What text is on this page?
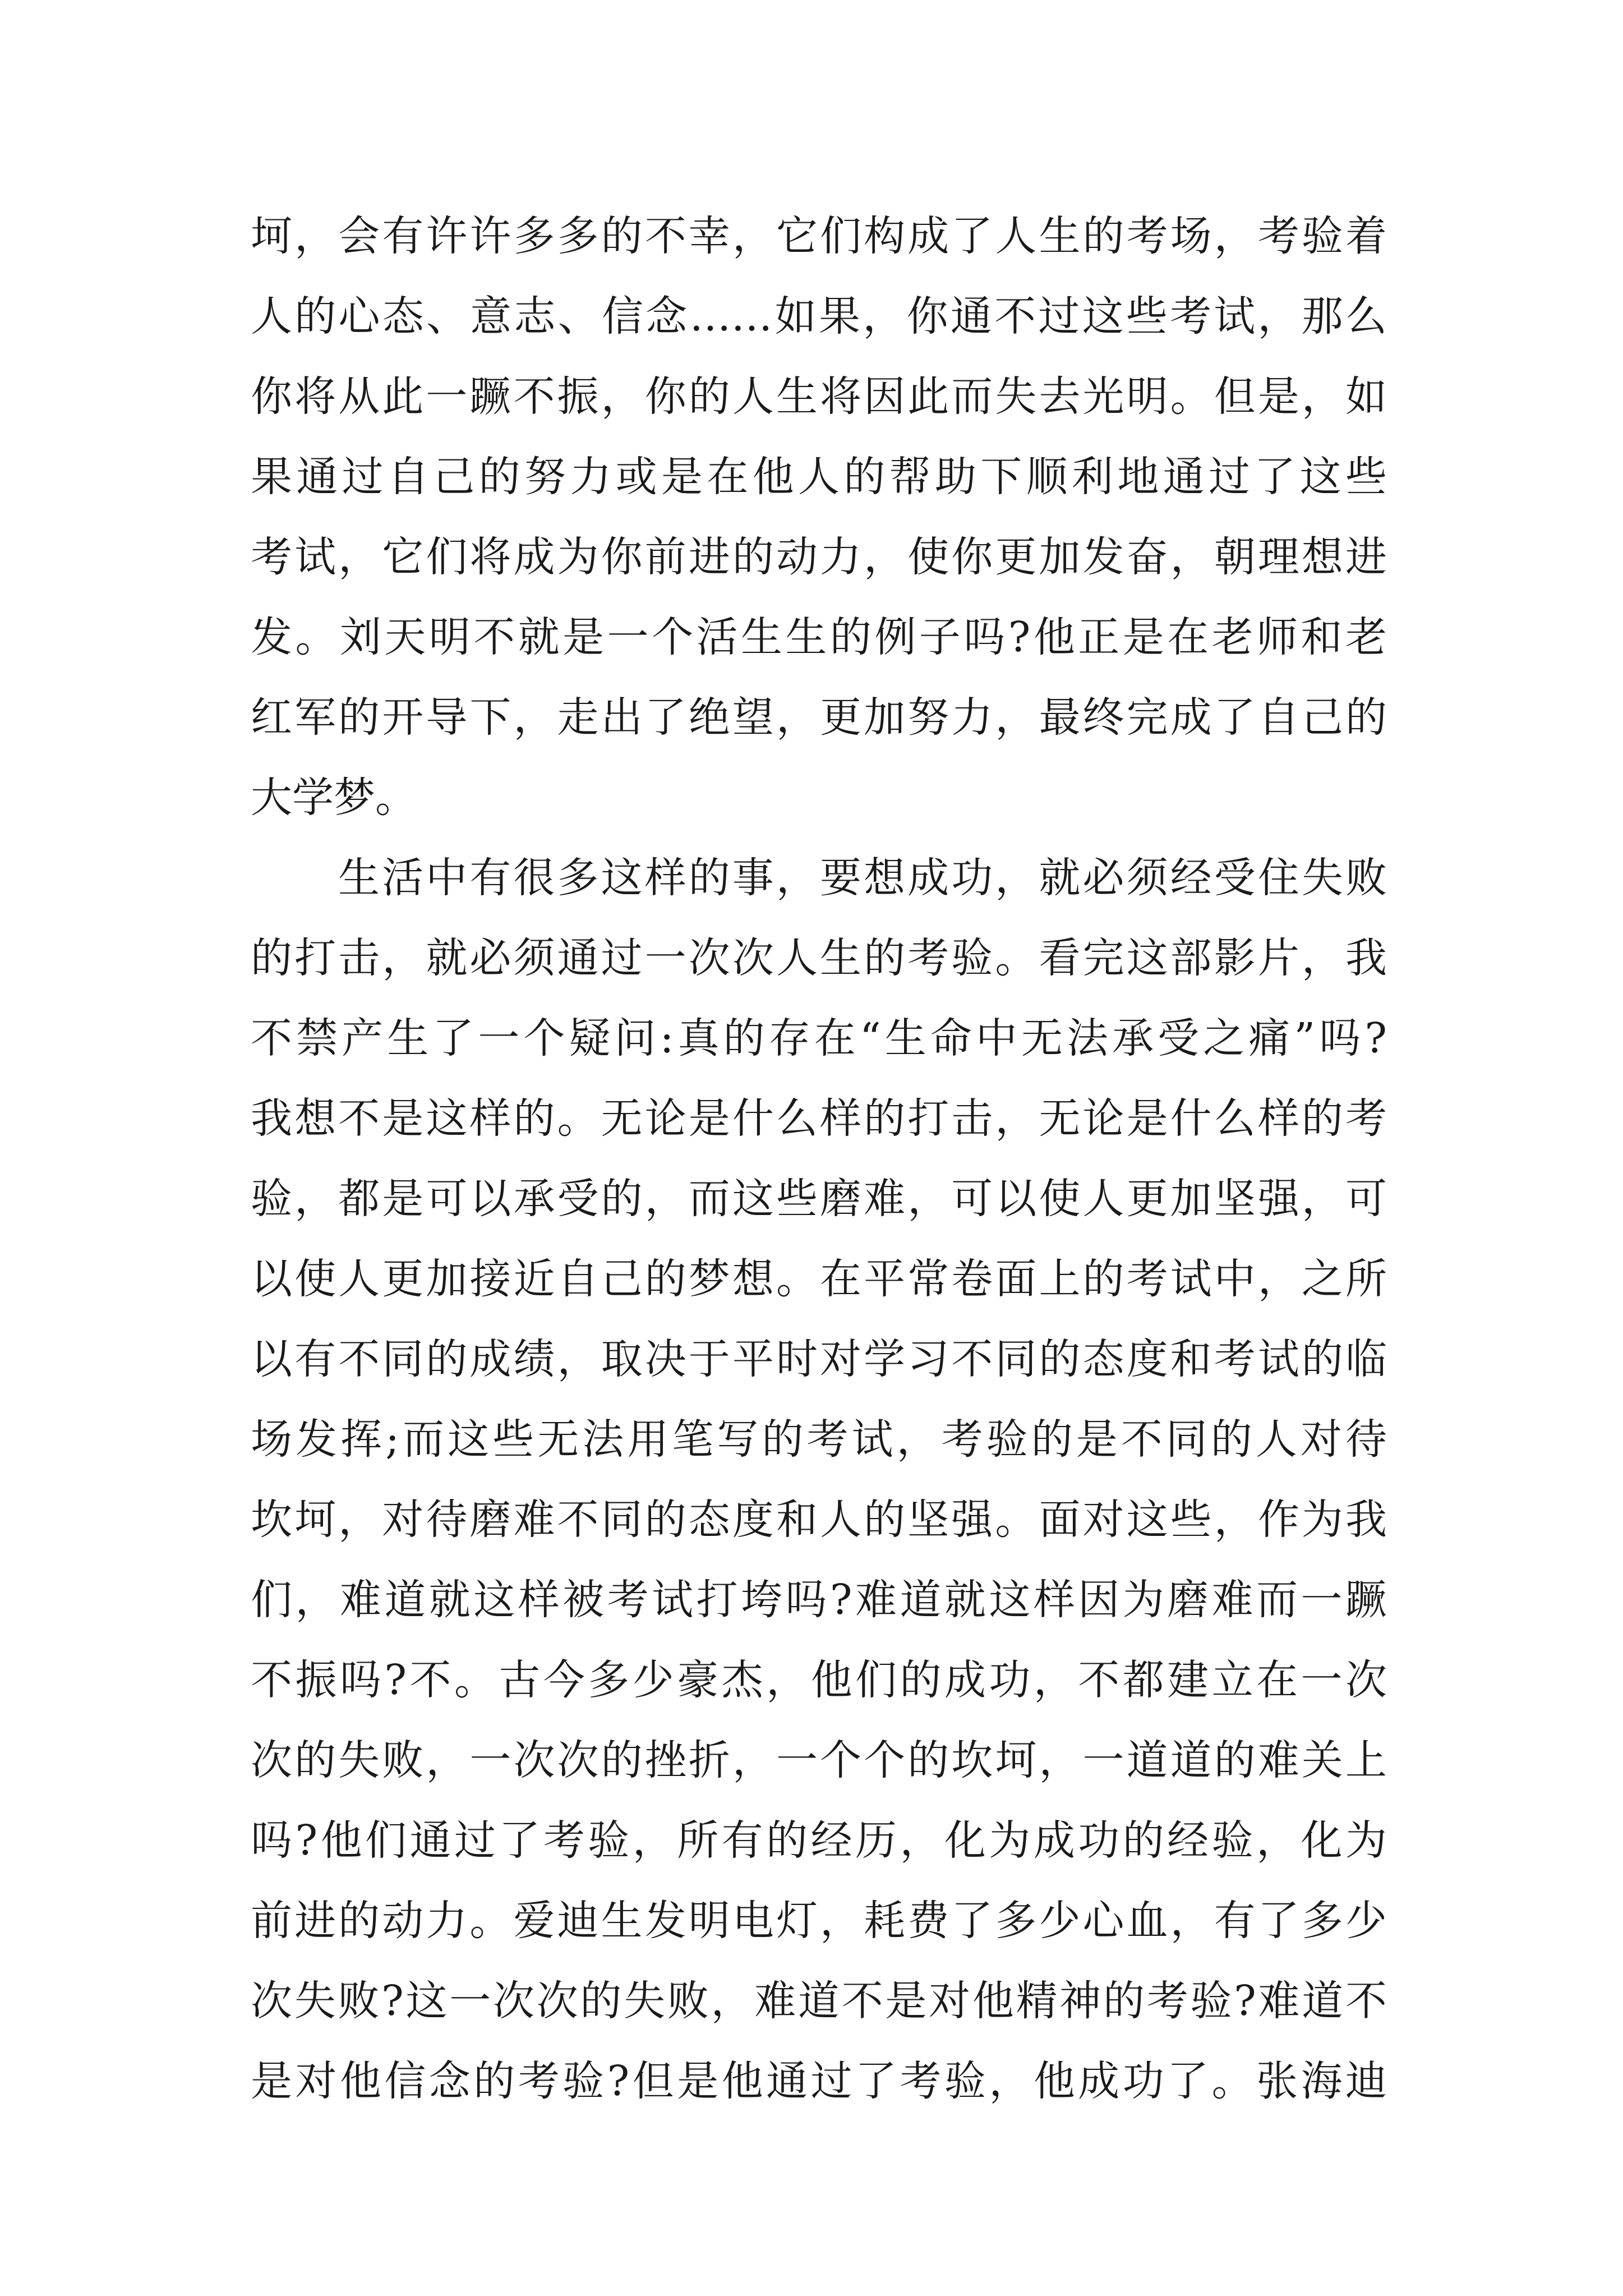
坷，会有许许多多的不幸，它们构成了人生的考场，考验着
人的心态、意志、信念……如果，你通不过这些考试，那么
你将从此一蹶不振，你的人生将因此而失去光明。但是，如
果通过自己的努力或是在他人的帮助下顺利地通过了这些
考试，它们将成为你前进的动力，使你更加发奋，朝理想进
发。刘天明不就是一个活生生的例子吗?他正是在老师和老
红军的开导下，走出了绝望，更加努力，最终完成了自己的
大学梦。
生活中有很多这样的事，要想成功，就必须经受住失败
的打击，就必须通过一次次人生的考验。看完这部影片，我
不禁产生了一个疑问:真的存在“生命中无法承受之痛”吗?
我想不是这样的。无论是什么样的打击，无论是什么样的考
验，都是可以承受的，而这些磨难，可以使人更加坚强，可
以使人更加接近自己的梦想。在平常卷面上的考试中，之所
以有不同的成绩，取决于平时对学习不同的态度和考试的临
场发挥;而这些无法用笔写的考试，考验的是不同的人对待
坎坷，对待磨难不同的态度和人的坚强。面对这些，作为我
们，难道就这样被考试打垮吗?难道就这样因为磨难而一蹶
不振吗?不。古今多少豪杰，他们的成功，不都建立在一次
次的失败，一次次的挫折，一个个的坎坷，一道道的难关上
吗?他们通过了考验，所有的经历，化为成功的经验，化为
前进的动力。爱迪生发明电灯，耗费了多少心血，有了多少
次失败?这一次次的失败，难道不是对他精神的考验?难道不
是对他信念的考验?但是他通过了考验，他成功了。张海迪
